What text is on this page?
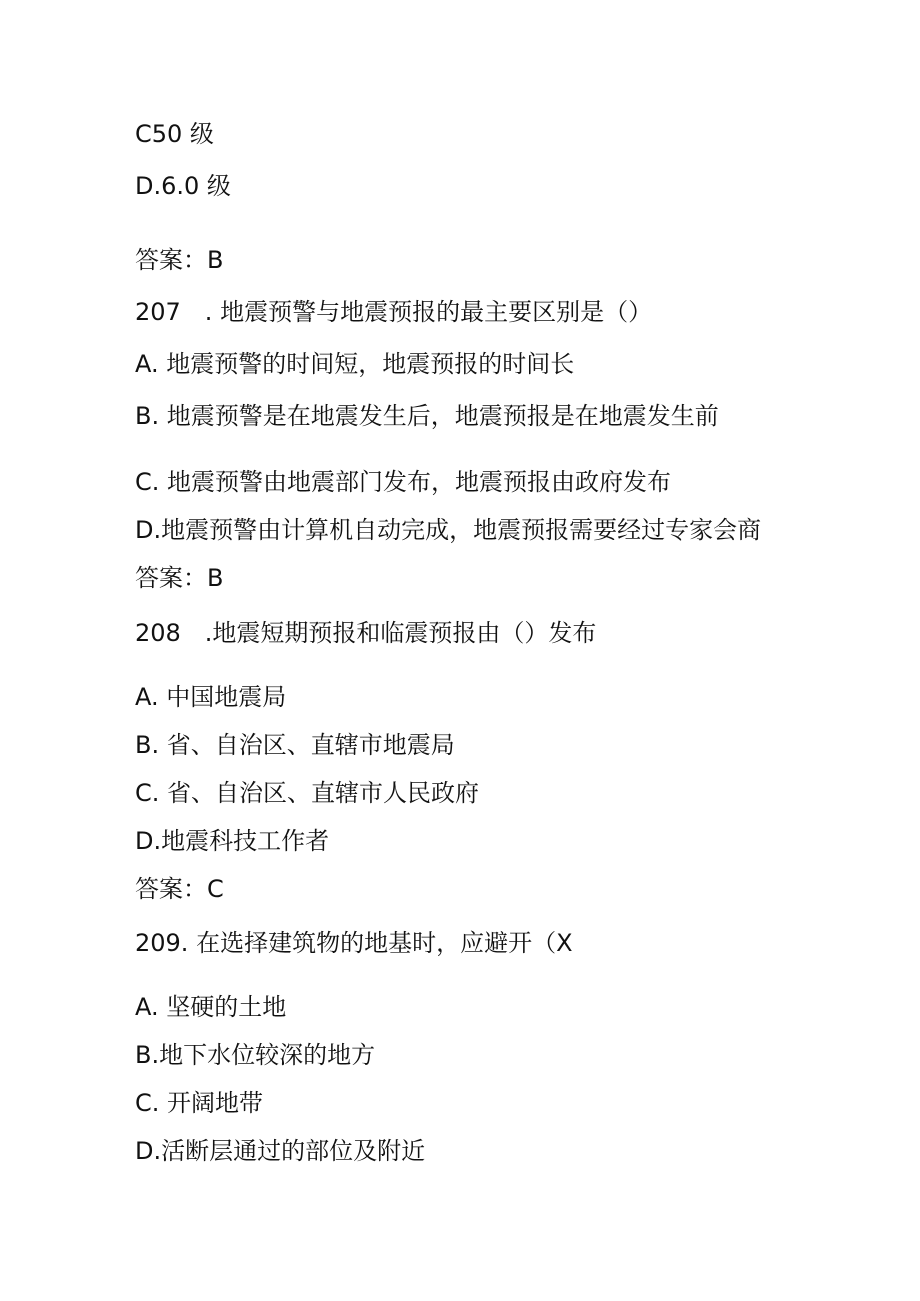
C50 级
D.6.0 级
答案：B
207　. 地震预警与地震预报的最主要区别是（）
A. 地震预警的时间短，地震预报的时间长
B. 地震预警是在地震发生后，地震预报是在地震发生前
C. 地震预警由地震部门发布，地震预报由政府发布
D.地震预警由计算机自动完成，地震预报需要经过专家会商
答案：B
208　.地震短期预报和临震预报由（）发布
A. 中国地震局
B. 省、自治区、直辖市地震局
C. 省、自治区、直辖市人民政府
D.地震科技工作者
答案：C
209. 在选择建筑物的地基时，应避开（X
A. 坚硬的土地
B.地下水位较深的地方
C. 开阔地带
D.活断层通过的部位及附近
